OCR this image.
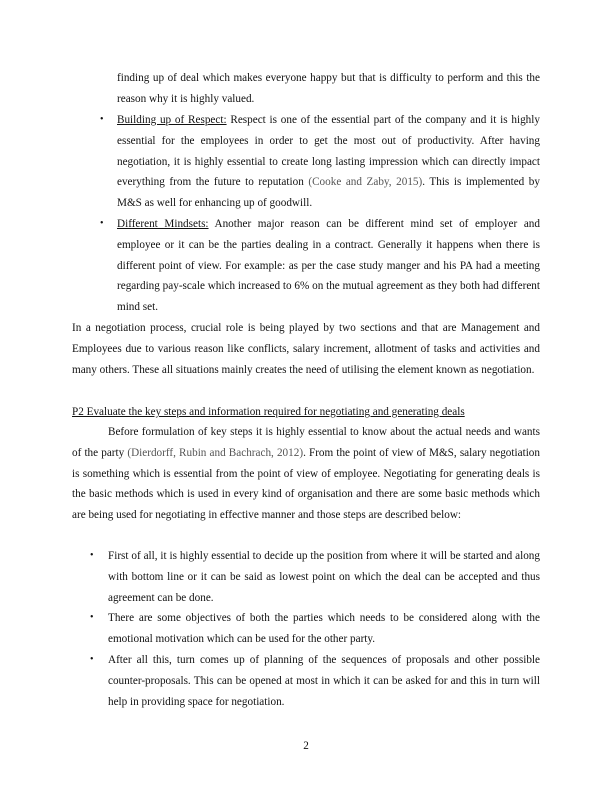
finding up of deal which makes everyone happy but that is difficulty to perform and this the reason why it is highly valued.

• Building up of Respect: Respect is one of the essential part of the company and it is highly essential for the employees in order to get the most out of productivity. After having negotiation, it is highly essential to create long lasting impression which can directly impact everything from the future to reputation (Cooke and Zaby, 2015). This is implemented by M&S as well for enhancing up of goodwill.

• Different Mindsets: Another major reason can be different mind set of employer and employee or it can be the parties dealing in a contract. Generally it happens when there is different point of view. For example: as per the case study manger and his PA had a meeting regarding pay-scale which increased to 6% on the mutual agreement as they both had different mind set.

In a negotiation process, crucial role is being played by two sections and that are Management and Employees due to various reason like conflicts, salary increment, allotment of tasks and activities and many others. These all situations mainly creates the need of utilising the element known as negotiation.

P2 Evaluate the key steps and information required for negotiating and generating deals

Before formulation of key steps it is highly essential to know about the actual needs and wants of the party (Dierdorff, Rubin and Bachrach, 2012). From the point of view of M&S, salary negotiation is something which is essential from the point of view of employee. Negotiating for generating deals is the basic methods which is used in every kind of organisation and there are some basic methods which are being used for negotiating in effective manner and those steps are described below:

• First of all, it is highly essential to decide up the position from where it will be started and along with bottom line or it can be said as lowest point on which the deal can be accepted and thus agreement can be done.

• There are some objectives of both the parties which needs to be considered along with the emotional motivation which can be used for the other party.

• After all this, turn comes up of planning of the sequences of proposals and other possible counter-proposals. This can be opened at most in which it can be asked for and this in turn will help in providing space for negotiation.

2
